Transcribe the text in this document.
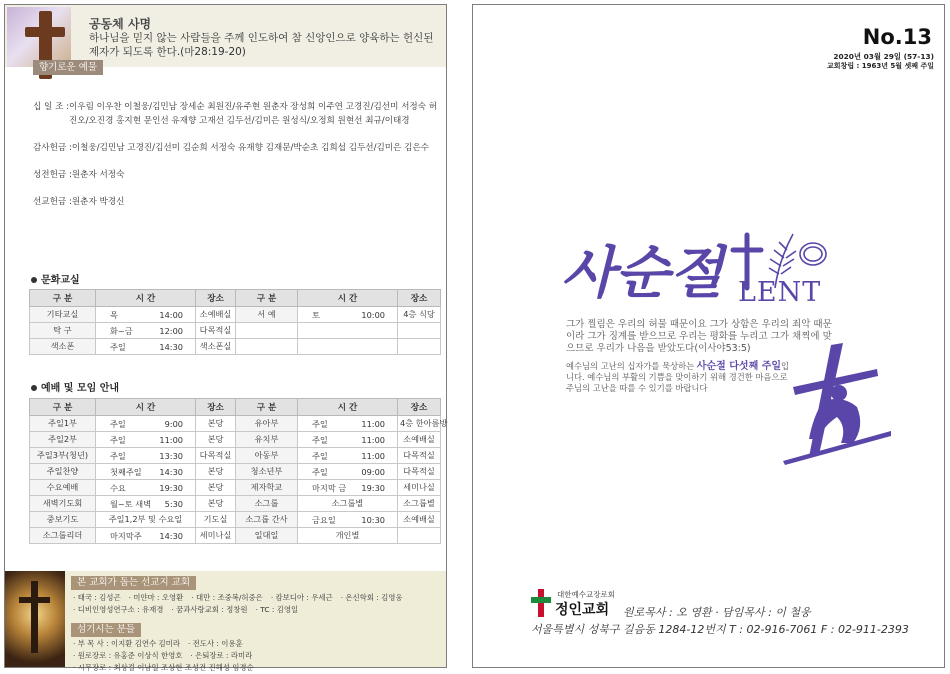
공동체 사명
하나님을 믿지 않는 사람들을 주께 인도하여 참 신앙인으로 양육하는 헌신된 제자가 되도록 한다.(마28:19-20)
향기로운 예물
십 일 조 : 이우림 이우찬 이철웅/김민남 장세순 최원진/유주현 원춘자 장성희 이주연 고경진/김선미 서정숙 허진오/오진경 홍지현 문인선 유재향 고재선 김두선/김미은 원성식/오정희 원현선 최규/이태경
감사헌금 : 이철웅/김민남 고경진/김선미 김순희 서정숙 유재향 김재문/박순초 김희섭 김두선/김미은 김은수
성전헌금 : 원춘자 서정숙
선교헌금 : 원춘자 박경신
문화교실
구 분	시 간	장소	구 분	시 간	장소
기타교실	목 14:00	소예배실	서 예	토 10:00	4층 식당
탁 구	화~금 12:00	다목적실			
색소폰	주일 14:30	색소폰실			
예배 및 모임 안내
구 분	시 간	장소	구 분	시 간	장소
주일1부	주일 9:00	본당	유아부	주일 11:00	4층 한아름방
주일2부	주일 11:00	본당	유치부	주일 11:00	소예배실
주일3부(청년)	주일 13:30	다목적실	아동부	주일 11:00	다목적실
주일찬양	첫째주일 14:30	본당	청소년부	주일 09:00	다목적실
수요예배	수요 19:30	본당	제자학교	마지막 금 19:30	세미나실
새벽기도회	월~토 새벽 5:30	본당	소그룹	소그룹별	소그룹별
중보기도	주일1,2부 및 수요일	기도실	소그룹 간사	금요일 10:30	소예배실
소그룹리더	마지막주 14:30	세미나실	일대일	개인별	
본 교회가 돕는 선교지 교회
· 태국 : 김성곤 · 미얀마 : 오영환 · 대만 : 조중복/허중은 · 캄보디아 : 우세근 · 온신학회 : 김영웅
· 디비인영성연구소 : 유재경 · 꿈과사랑교회 : 정창원 · TC : 김영일
섬기시는 분들
· 부 목 사 : 이지환 김연수 김미라 · 전도사 : 이용훈
· 원로장로 : 유홍준 이상식 한영호 · 은퇴장로 : 라미라· 시무장로 : 최상걸 이남일 조상현 조성건 진해성 임경순
No.13
2020년 03월 29일 (57-13)
교회창립 : 1963년 5월 셋째 주일
사순절 LENT
그가 찔림은 우리의 허물 때문이요 그가 상함은 우리의 죄악 때문이라 그가 징계를 받으므로 우리는 평화를 누리고 그가 채찍에 맞으므로 우리가 나음을 받았도다(이사야53:5)
예수님의 고난의 십자가를 묵상하는 사순절 다섯째 주일입니다. 예수님의 부활의 기쁨을 맞이하기 위해 경건한 마음으로 주님의 고난을 따를 수 있기를 바랍니다
대한예수교장로회
정인교회 원로목사 : 오 영환 · 담임목사 : 이 철웅
서울특별시 성북구 길음동 1284-12번지 T : 02-916-7061 F : 02-911-2393
